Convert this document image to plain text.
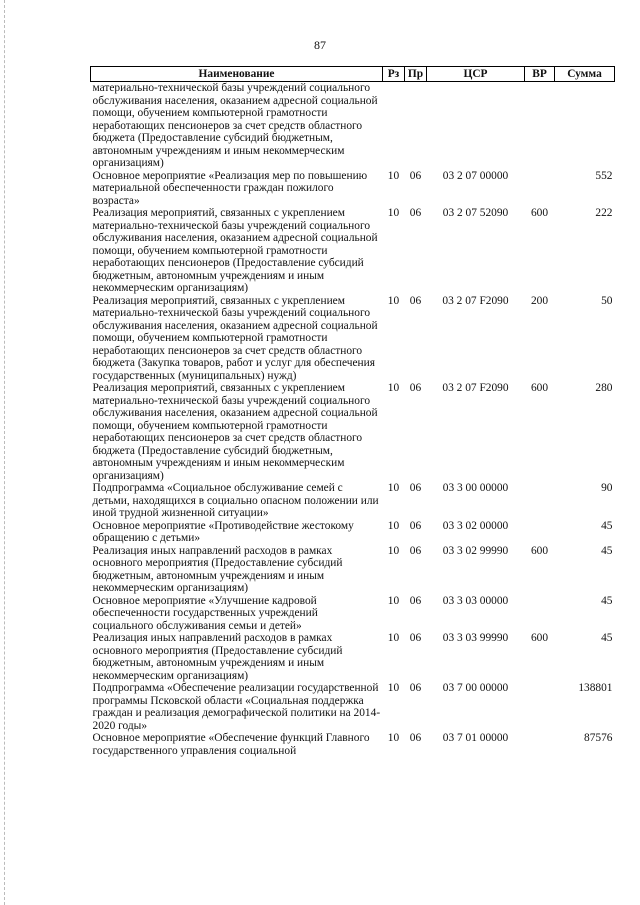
87
Наименование	Рз	Пр	ЦСР	ВР	Сумма
материально-технической базы учреждений социального обслуживания населения, оказанием адресной социальной помощи, обучением компьютерной грамотности неработающих пенсионеров за счет средств областного бюджета (Предоставление субсидий бюджетным, автономным учреждениям и иным некоммерческим организациям)					
Основное мероприятие «Реализация мер по повышению материальной обеспеченности граждан пожилого возраста»	10	06	03 2 07 00000		552
Реализация мероприятий, связанных с укреплением материально-технической базы учреждений социального обслуживания населения, оказанием адресной социальной помощи, обучением компьютерной грамотности неработающих пенсионеров (Предоставление субсидий бюджетным, автономным учреждениям и иным некоммерческим организациям)	10	06	03 2 07 52090	600	222
Реализация мероприятий, связанных с укреплением материально-технической базы учреждений социального обслуживания населения, оказанием адресной социальной помощи, обучением компьютерной грамотности неработающих пенсионеров за счет средств областного бюджета (Закупка товаров, работ и услуг для обеспечения государственных (муниципальных) нужд)	10	06	03 2 07 F2090	200	50
Реализация мероприятий, связанных с укреплением материально-технической базы учреждений социального обслуживания населения, оказанием адресной социальной помощи, обучением компьютерной грамотности неработающих пенсионеров за счет средств областного бюджета (Предоставление субсидий бюджетным, автономным учреждениям и иным некоммерческим организациям)	10	06	03 2 07 F2090	600	280
Подпрограмма «Социальное обслуживание семей с детьми, находящихся в социально опасном положении или иной трудной жизненной ситуации»	10	06	03 3 00 00000		90
Основное мероприятие «Противодействие жестокому обращению с детьми»	10	06	03 3 02 00000		45
Реализация иных направлений расходов в рамках основного мероприятия (Предоставление субсидий бюджетным, автономным учреждениям и иным некоммерческим организациям)	10	06	03 3 02 99990	600	45
Основное мероприятие «Улучшение кадровой обеспеченности государственных учреждений социального обслуживания семьи и детей»	10	06	03 3 03 00000		45
Реализация иных направлений расходов в рамках основного мероприятия (Предоставление субсидий бюджетным, автономным учреждениям и иным некоммерческим организациям)	10	06	03 3 03 99990	600	45
Подпрограмма «Обеспечение реализации государственной программы Псковской области «Социальная поддержка граждан и реализация демографической политики на 2014-2020 годы»	10	06	03 7 00 00000		138801
Основное мероприятие «Обеспечение функций Главного государственного управления социальной	10	06	03 7 01 00000		87576
